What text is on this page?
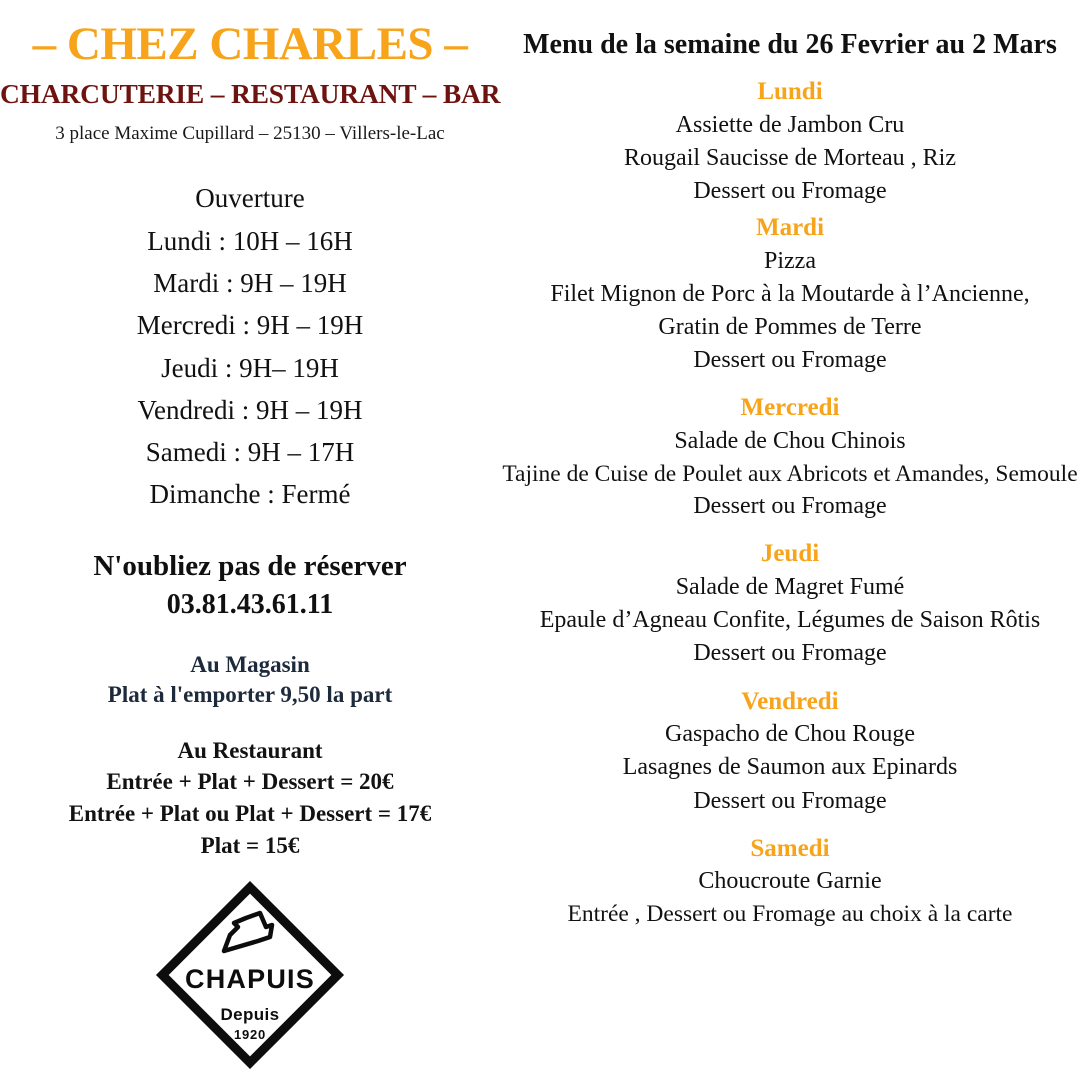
– CHEZ CHARLES –
CHARCUTERIE – RESTAURANT – BAR

3 place Maxime Cupillard – 25130 – Villers-le-Lac

Ouverture
Lundi : 10H – 16H
Mardi : 9H – 19H
Mercredi : 9H – 19H
Jeudi : 9H– 19H
Vendredi : 9H – 19H
Samedi : 9H – 17H
Dimanche : Fermé
N'oubliez pas de réserver
03.81.43.61.11
Au Magasin
Plat à l'emporter 9,50 la part
Au Restaurant
Entrée + Plat + Dessert = 20€
Entrée + Plat ou Plat + Dessert = 17€
Plat = 15€
CHAPUIS
Depuis
1920
Menu de la semaine du 26 Fevrier au 2 Mars
Lundi
Assiette de Jambon Cru
Rougail Saucisse de Morteau , Riz
Dessert ou Fromage
Mardi
Pizza
Filet Mignon de Porc à la Moutarde à l’Ancienne,
Gratin de Pommes de Terre
Dessert ou Fromage
Mercredi
Salade de Chou Chinois
Tajine de Cuise de Poulet aux Abricots et Amandes, Semoule
Dessert ou Fromage
Jeudi
Salade de Magret Fumé
Epaule d’Agneau Confite, Légumes de Saison Rôtis
Dessert ou Fromage
Vendredi
Gaspacho de Chou Rouge
Lasagnes de Saumon aux Epinards
Dessert ou Fromage
Samedi
Choucroute Garnie
Entrée , Dessert ou Fromage au choix à la carte
